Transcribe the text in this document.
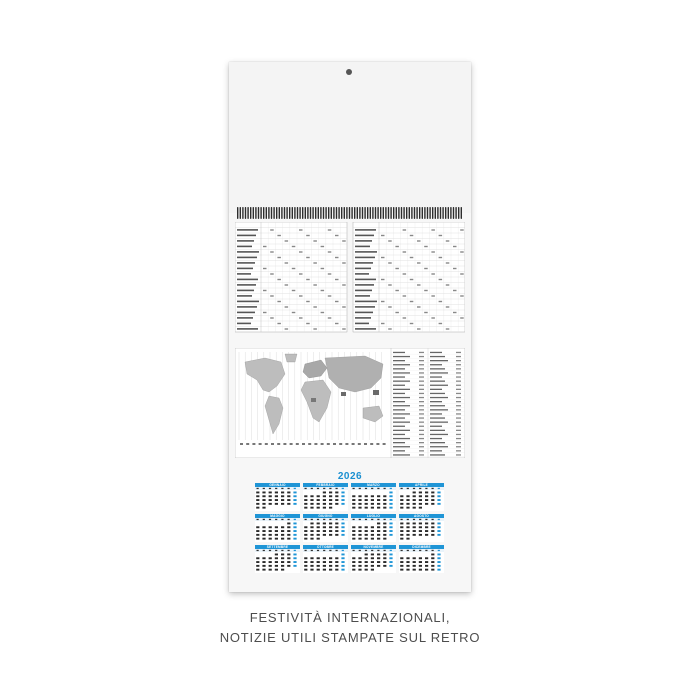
2026
GENNAIO	FEBBRAIO	MARZO	APRILE
MAGGIO	GIUGNO	LUGLIO	AGOSTO
SETTEMBRE	OTTOBRE	NOVEMBRE	DICEMBRE
FESTIVITÀ INTERNAZIONALI,
NOTIZIE UTILI STAMPATE SUL RETRO
